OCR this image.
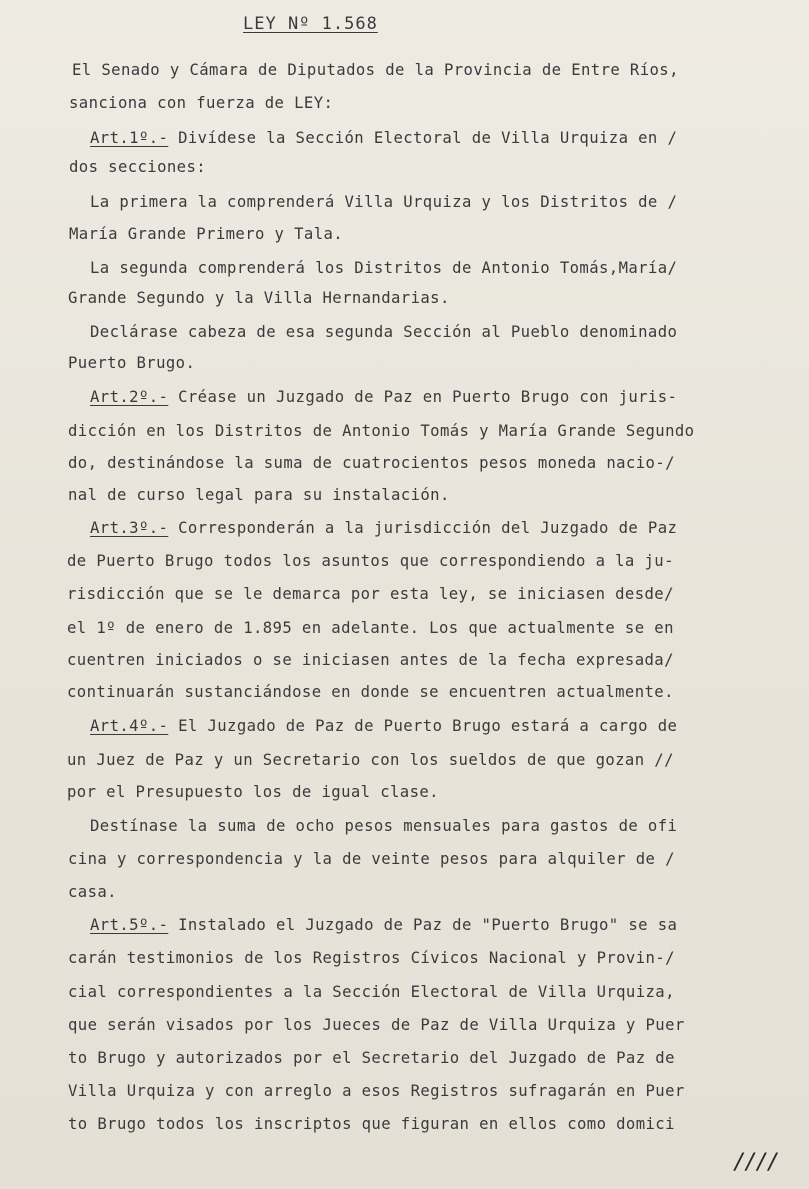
LEY Nº 1.568
El Senado y Cámara de Diputados de la Provincia de Entre Ríos,
sanciona con fuerza de LEY:
Art.1º.- Divídese la Sección Electoral de Villa Urquiza en /
dos secciones:
La primera la comprenderá Villa Urquiza y los Distritos de /
María Grande Primero y Tala.
La segunda comprenderá los Distritos de Antonio Tomás,María/
Grande Segundo y la Villa Hernandarias.
Declárase cabeza de esa segunda Sección al Pueblo denominado
Puerto Brugo.
Art.2º.- Créase un Juzgado de Paz en Puerto Brugo con juris-
dicción en los Distritos de Antonio Tomás y María Grande Segundo
do, destinándose la suma de cuatrocientos pesos moneda nacio-/
nal de curso legal para su instalación.
Art.3º.- Corresponderán a la jurisdicción del Juzgado de Paz
de Puerto Brugo todos los asuntos que correspondiendo a la ju-
risdicción que se le demarca por esta ley, se iniciasen desde/
el 1º de enero de 1.895 en adelante. Los que actualmente se en
cuentren iniciados o se iniciasen antes de la fecha expresada/
continuarán sustanciándose en donde se encuentren actualmente.
Art.4º.- El Juzgado de Paz de Puerto Brugo estará a cargo de
un Juez de Paz y un Secretario con los sueldos de que gozan //
por el Presupuesto los de igual clase.
Destínase la suma de ocho pesos mensuales para gastos de ofi
cina y correspondencia y la de veinte pesos para alquiler de /
casa.
Art.5º.- Instalado el Juzgado de Paz de "Puerto Brugo" se sa
carán testimonios de los Registros Cívicos Nacional y Provin-/
cial correspondientes a la Sección Electoral de Villa Urquiza,
que serán visados por los Jueces de Paz de Villa Urquiza y Puer
to Brugo y autorizados por el Secretario del Juzgado de Paz de
Villa Urquiza y con arreglo a esos Registros sufragarán en Puer
to Brugo todos los inscriptos que figuran en ellos como domici
////
